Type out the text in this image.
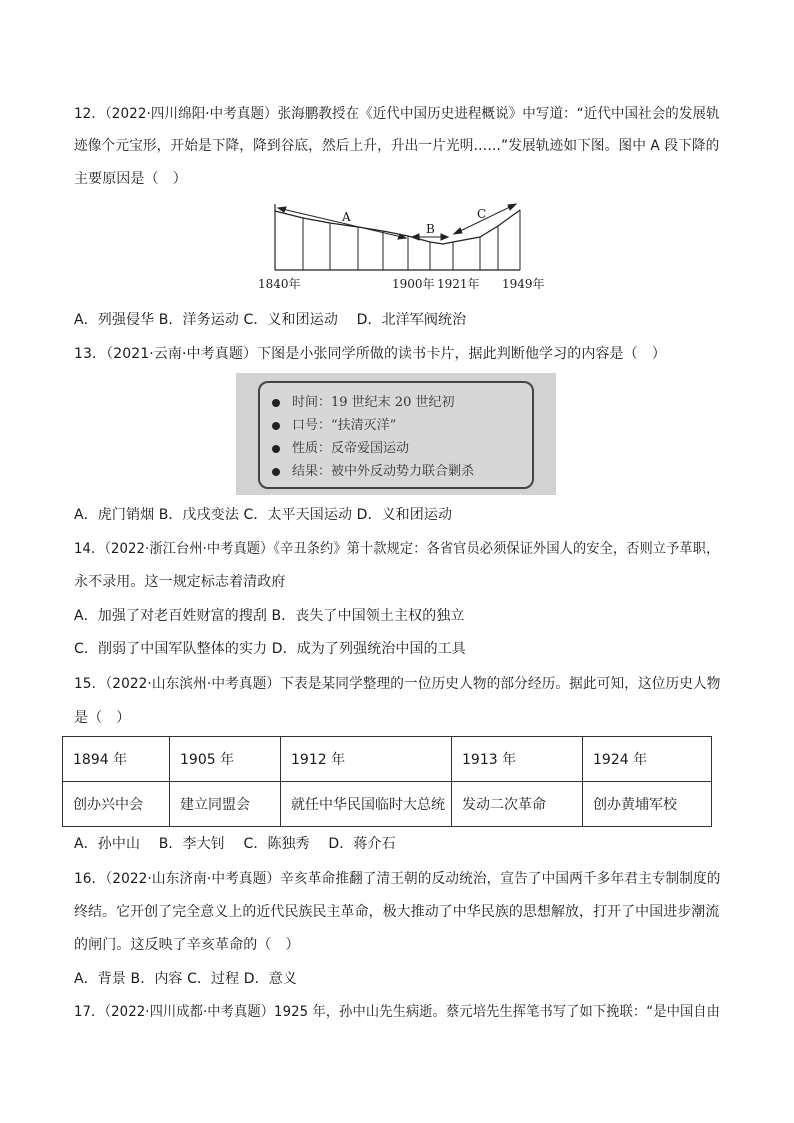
12．（2022·四川绵阳·中考真题）张海鹏教授在《近代中国历史进程概说》中写道：“近代中国社会的发展轨
迹像个元宝形，开始是下降，降到谷底，然后上升，升出一片光明……”发展轨迹如下图。图中 A 段下降的
主要原因是（　）
A
B
C
1840年	1900年 1921年 1949年
A．列强侵华 B．洋务运动 C．义和团运动　 D．北洋军阀统治
13．（2021·云南·中考真题）下图是小张同学所做的读书卡片，据此判断他学习的内容是（　）
时间：19 世纪末 20 世纪初
口号：“扶清灭洋”
性质：反帝爱国运动
结果：被中外反动势力联合剿杀
A．虎门销烟 B．戊戌变法 C．太平天国运动 D．义和团运动
14．（2022·浙江台州·中考真题）《辛丑条约》第十款规定：各省官员必须保证外国人的安全，否则立予革职，
永不录用。这一规定标志着清政府
A．加强了对老百姓财富的搜刮 B．丧失了中国领土主权的独立
C．削弱了中国军队整体的实力 D．成为了列强统治中国的工具
15．（2022·山东滨州·中考真题）下表是某同学整理的一位历史人物的部分经历。据此可知，这位历史人物
是（　）
1894 年	1905 年	1912 年	1913 年	1924 年
创办兴中会	建立同盟会	就任中华民国临时大总统	发动二次革命	创办黄埔军校
A．孙中山　 B．李大钊　 C．陈独秀　 D．蒋介石
16．（2022·山东济南·中考真题）辛亥革命推翻了清王朝的反动统治，宣告了中国两千多年君主专制制度的
终结。它开创了完全意义上的近代民族民主革命，极大推动了中华民族的思想解放，打开了中国进步潮流
的闸门。这反映了辛亥革命的（　）
A．背景 B．内容 C．过程 D．意义
17．（2022·四川成都·中考真题）1925 年，孙中山先生病逝。蔡元培先生挥笔书写了如下挽联：“是中国自由
